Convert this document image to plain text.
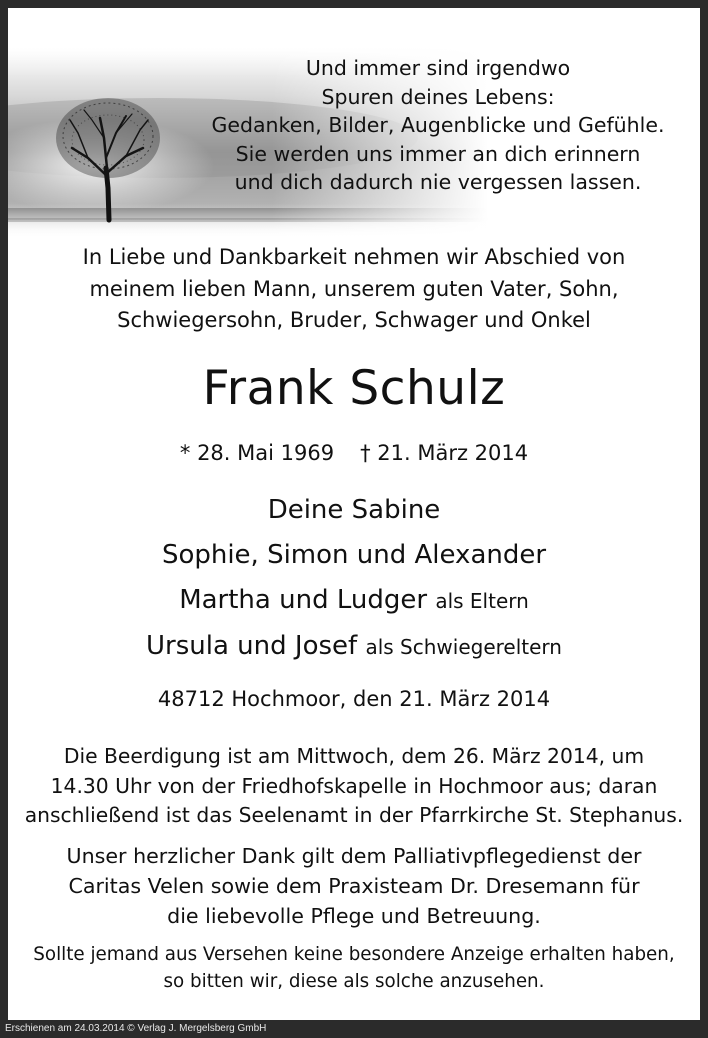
Und immer sind irgendwo
Spuren deines Lebens:
Gedanken, Bilder, Augenblicke und Gefühle.
Sie werden uns immer an dich erinnern
und dich dadurch nie vergessen lassen.
In Liebe und Dankbarkeit nehmen wir Abschied von
meinem lieben Mann, unserem guten Vater, Sohn,
Schwiegersohn, Bruder, Schwager und Onkel
Frank Schulz
* 28. Mai 1969 † 21. März 2014
Deine Sabine
Sophie, Simon und Alexander
Martha und Ludger als Eltern
Ursula und Josef als Schwiegereltern
48712 Hochmoor, den 21. März 2014
Die Beerdigung ist am Mittwoch, dem 26. März 2014, um
14.30 Uhr von der Friedhofskapelle in Hochmoor aus; daran
anschließend ist das Seelenamt in der Pfarrkirche St. Stephanus.
Unser herzlicher Dank gilt dem Palliativpflegedienst der
Caritas Velen sowie dem Praxisteam Dr. Dresemann für
die liebevolle Pflege und Betreuung.
Sollte jemand aus Versehen keine besondere Anzeige erhalten haben,
so bitten wir, diese als solche anzusehen.
Erschienen am 24.03.2014 © Verlag J. Mergelsberg GmbH
